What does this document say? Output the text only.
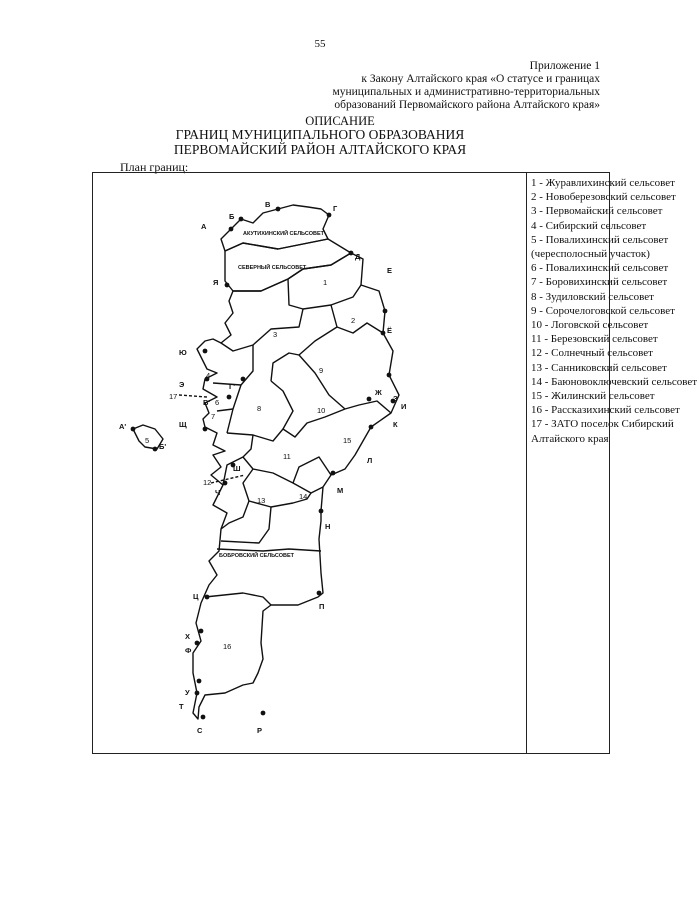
55
Приложение 1
к Закону Алтайского края «О статусе и границах
муниципальных и административно-территориальных
образований Первомайского района Алтайского края»
ОПИСАНИЕ
ГРАНИЦ МУНИЦИПАЛЬНОГО ОБРАЗОВАНИЯ
ПЕРВОМАЙСКИЙ РАЙОН АЛТАЙСКОГО КРАЯ
План границ:
АКУТИХИНСКИЙ СЕЛЬСОВЕТ
СЕВЕРНЫЙ СЕЛЬСОВЕТ
БОБРОВСКИЙ СЕЛЬСОВЕТ
1
2
3
4
5
6
7
8
9
10
11
12
13	14
15
16
17
А
Б
В	Г
Д
Е
Ё
Ж
З
И
К
Л
М
Н
П
Р
С
Т
У
Ф
Х
Ц
Ч
Ш
Щ
Э
Ю
Я
А'
Б'
В'
Г'
1 - Журавлихинский сельсовет
2 - Новоберезовский сельсовет
3 - Первомайский сельсовет
4 - Сибирский сельсовет
5 - Повалихинский сельсовет (чересполосный участок)
6 - Повалихинский сельсовет
7 - Боровихинский сельсовет
8 - Зудиловский сельсовет
9 - Сорочелоговской сельсовет
10 - Логовской сельсовет
11 - Березовский сельсовет
12 - Солнечный сельсовет
13 - Санниковский сельсовет
14 - Баюновоключевский сельсовет
15 - Жилинский сельсовет
16 - Рассказихинский сельсовет
17 - ЗАТО поселок Сибирский Алтайского края
